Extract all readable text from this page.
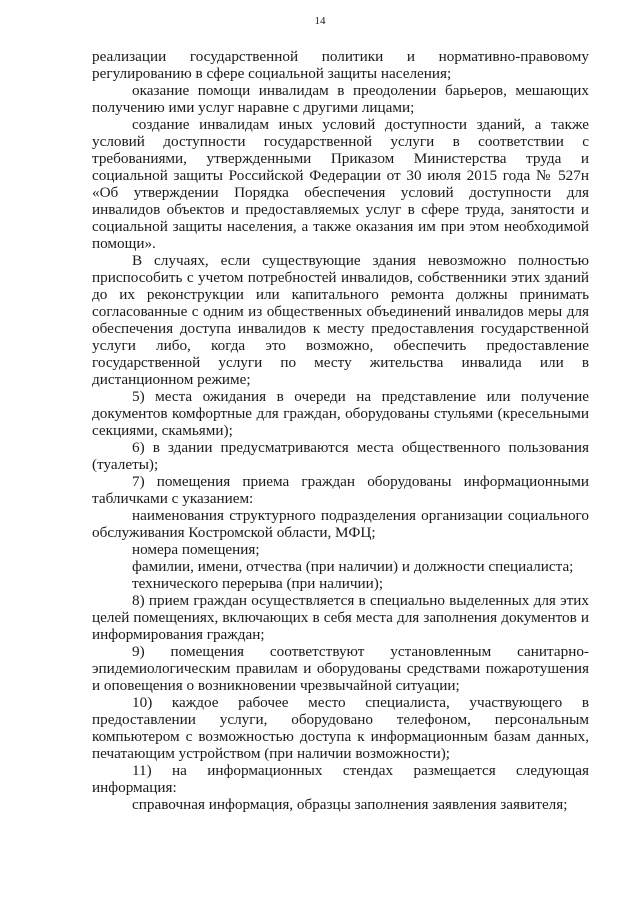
14

реализации государственной политики и нормативно-правовому регулированию в сфере социальной защиты населения;

оказание помощи инвалидам в преодолении барьеров, мешающих получению ими услуг наравне с другими лицами;

создание инвалидам иных условий доступности зданий, а также условий доступности государственной услуги в соответствии с требованиями, утвержденными Приказом Министерства труда и социальной защиты Российской Федерации от 30 июля 2015 года № 527н «Об утверждении Порядка обеспечения условий доступности для инвалидов объектов и предоставляемых услуг в сфере труда, занятости и социальной защиты населения, а также оказания им при этом необходимой помощи».

В случаях, если существующие здания невозможно полностью приспособить с учетом потребностей инвалидов, собственники этих зданий до их реконструкции или капитального ремонта должны принимать согласованные с одним из общественных объединений инвалидов меры для обеспечения доступа инвалидов к месту предоставления государственной услуги либо, когда это возможно, обеспечить предоставление государственной услуги по месту жительства инвалида или в дистанционном режиме;

5) места ожидания в очереди на представление или получение документов комфортные для граждан, оборудованы стульями (кресельными секциями, скамьями);

6) в здании предусматриваются места общественного пользования (туалеты);

7) помещения приема граждан оборудованы информационными табличками с указанием:

наименования структурного подразделения организации социального обслуживания Костромской области, МФЦ;

номера помещения;

фамилии, имени, отчества (при наличии) и должности специалиста;

технического перерыва (при наличии);

8) прием граждан осуществляется в специально выделенных для этих целей помещениях, включающих в себя места для заполнения документов и информирования граждан;

9) помещения соответствуют установленным санитарно-эпидемиологическим правилам и оборудованы средствами пожаротушения и оповещения о возникновении чрезвычайной ситуации;

10) каждое рабочее место специалиста, участвующего в предоставлении услуги, оборудовано телефоном, персональным компьютером с возможностью доступа к информационным базам данных, печатающим устройством (при наличии возможности);

11) на информационных стендах размещается следующая информация:

справочная информация, образцы заполнения заявления заявителя;
